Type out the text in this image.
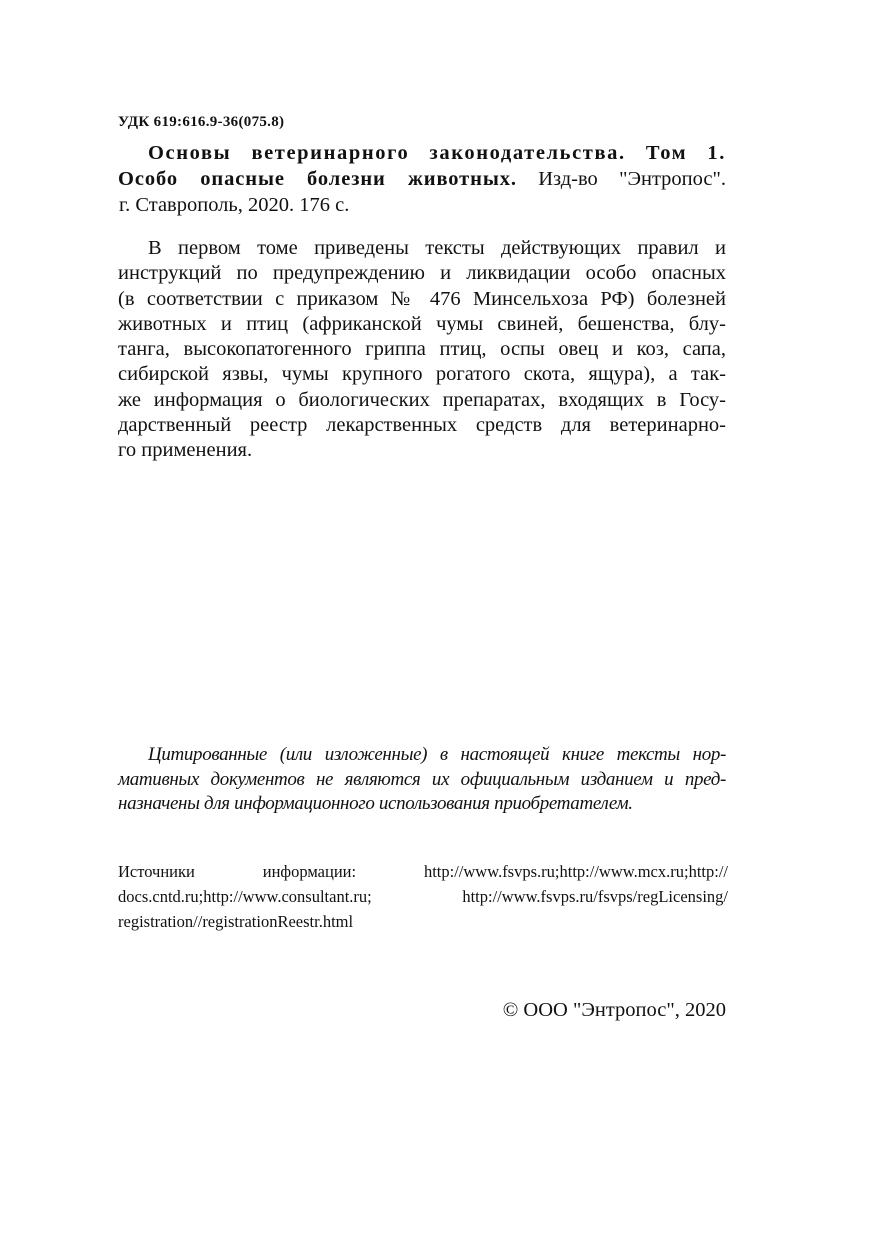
УДК 619:616.9-36(075.8)
Основы ветеринарного законодательства. Том 1.
Особо опасные болезни животных. Изд-во "Энтропос".
г. Ставрополь, 2020. 176 с.
В первом томе приведены тексты действующих правил и
инструкций по предупреждению и ликвидации особо опасных
(в соответствии с приказом № 476 Минсельхоза РФ) болезней
животных и птиц (африканской чумы свиней, бешенства, блу-
танга, высокопатогенного гриппа птиц, оспы овец и коз, сапа,
сибирской язвы, чумы крупного рогатого скота, ящура), а так-
же информация о биологических препаратах, входящих в Госу-
дарственный реестр лекарственных средств для ветеринарно-
го применения.
Цитированные (или изложенные) в настоящей книге тексты нор-
мативных документов не являются их официальным изданием и пред-
назначены для информационного использования приобретателем.
Источники информации: http://www.fsvps.ru;http://www.mcx.ru;http://
docs.cntd.ru;http://www.consultant.ru; http://www.fsvps.ru/fsvps/regLicensing/
registration//registrationReestr.html
© ООО "Энтропос", 2020
